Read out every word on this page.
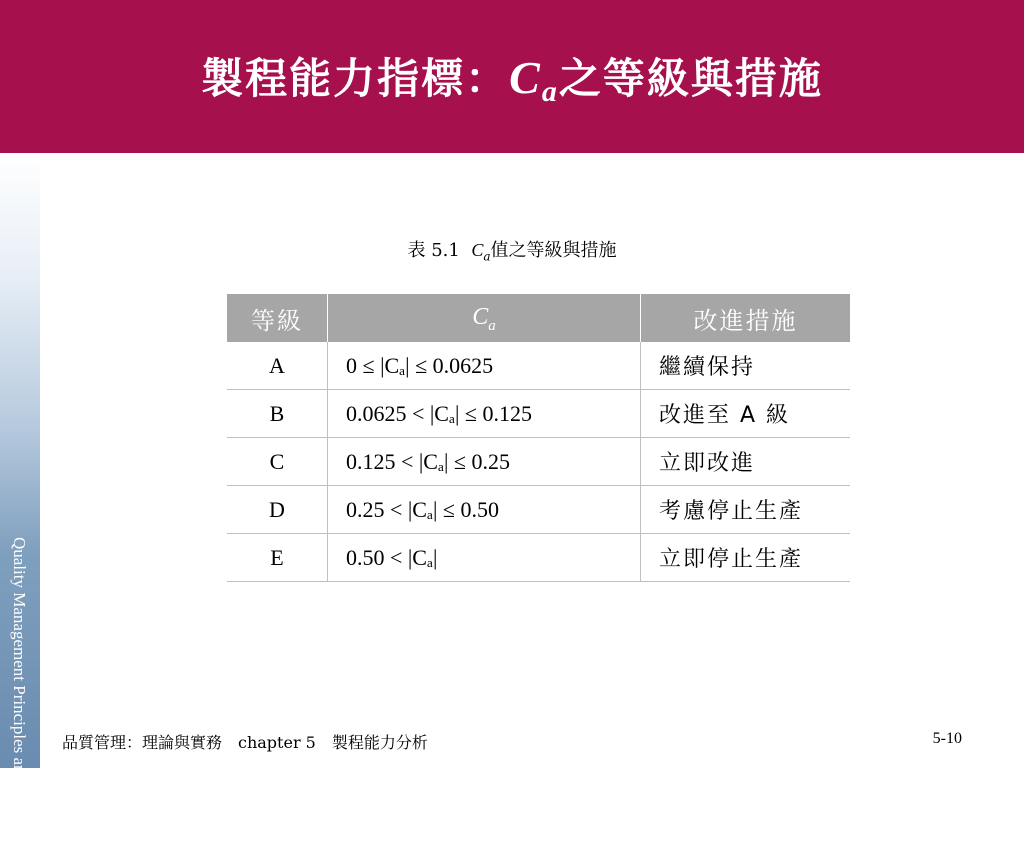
製程能力指標：$C_a$之等級與措施
Quality Management Principles and Practices
表 5.1 $C_a$值之等級與措施
等級	$C_a$	改進措施
A	0 ≤ |Cₐ| ≤ 0.0625	繼續保持
B	0.0625 < |Cₐ| ≤ 0.125	改進至 A 級
C	0.125 < |Cₐ| ≤ 0.25	立即改進
D	0.25 < |Cₐ| ≤ 0.50	考慮停止生產
E	0.50 < |Cₐ|	立即停止生產
品質管理：理論與實務　chapter 5　製程能力分析	5-10
